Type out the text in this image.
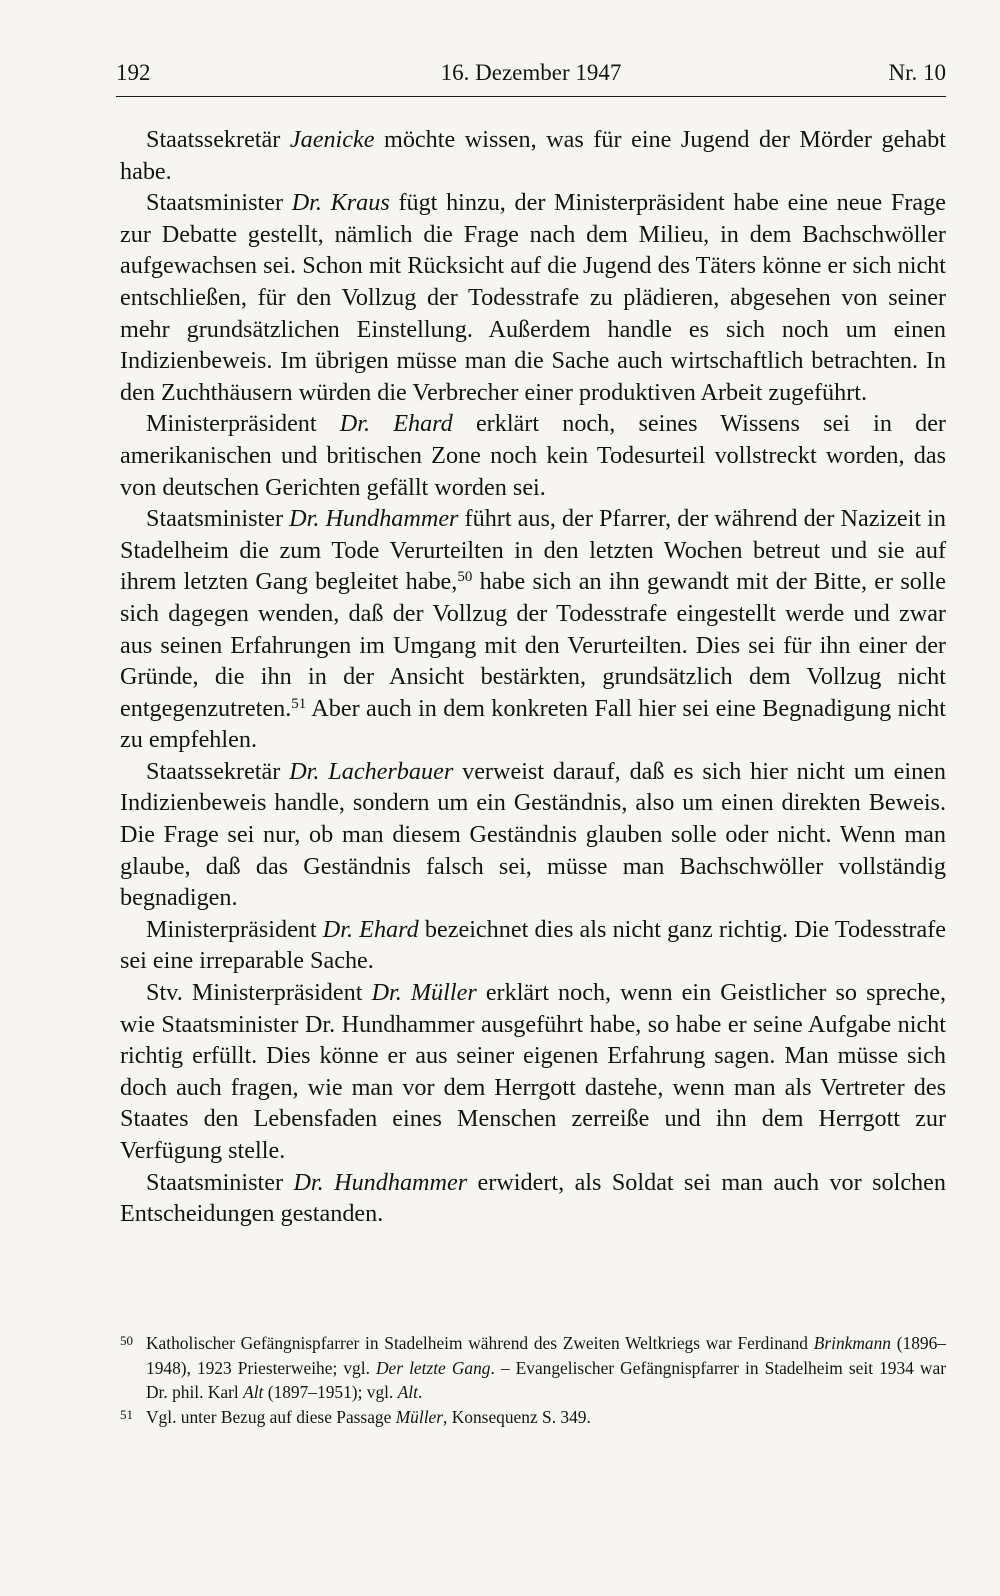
192	16. Dezember 1947	Nr. 10

Staatssekretär Jaenicke möchte wissen, was für eine Jugend der Mörder gehabt habe.

Staatsminister Dr. Kraus fügt hinzu, der Ministerpräsident habe eine neue Frage zur Debatte gestellt, nämlich die Frage nach dem Milieu, in dem Bachschwöller aufgewachsen sei. Schon mit Rücksicht auf die Jugend des Täters könne er sich nicht entschließen, für den Vollzug der Todesstrafe zu plädieren, abgesehen von seiner mehr grundsätzlichen Einstellung. Außerdem handle es sich noch um einen Indizienbeweis. Im übrigen müsse man die Sache auch wirtschaftlich betrachten. In den Zuchthäusern würden die Verbrecher einer produktiven Arbeit zugeführt.

Ministerpräsident Dr. Ehard erklärt noch, seines Wissens sei in der amerikanischen und britischen Zone noch kein Todesurteil vollstreckt worden, das von deutschen Gerichten gefällt worden sei.

Staatsminister Dr. Hundhammer führt aus, der Pfarrer, der während der Nazizeit in Stadelheim die zum Tode Verurteilten in den letzten Wochen betreut und sie auf ihrem letzten Gang begleitet habe,$^{50}$ habe sich an ihn gewandt mit der Bitte, er solle sich dagegen wenden, daß der Vollzug der Todesstrafe eingestellt werde und zwar aus seinen Erfahrungen im Umgang mit den Verurteilten. Dies sei für ihn einer der Gründe, die ihn in der Ansicht bestärkten, grundsätzlich dem Vollzug nicht entgegenzutreten.$^{51}$ Aber auch in dem konkreten Fall hier sei eine Begnadigung nicht zu empfehlen.

Staatssekretär Dr. Lacherbauer verweist darauf, daß es sich hier nicht um einen Indizienbeweis handle, sondern um ein Geständnis, also um einen direkten Beweis. Die Frage sei nur, ob man diesem Geständnis glauben solle oder nicht. Wenn man glaube, daß das Geständnis falsch sei, müsse man Bachschwöller vollständig begnadigen.

Ministerpräsident Dr. Ehard bezeichnet dies als nicht ganz richtig. Die Todesstrafe sei eine irreparable Sache.

Stv. Ministerpräsident Dr. Müller erklärt noch, wenn ein Geistlicher so spreche, wie Staatsminister Dr. Hundhammer ausgeführt habe, so habe er seine Aufgabe nicht richtig erfüllt. Dies könne er aus seiner eigenen Erfahrung sagen. Man müsse sich doch auch fragen, wie man vor dem Herrgott dastehe, wenn man als Vertreter des Staates den Lebensfaden eines Menschen zerreiße und ihn dem Herrgott zur Verfügung stelle.

Staatsminister Dr. Hundhammer erwidert, als Soldat sei man auch vor solchen Entscheidungen gestanden.

50 Katholischer Gefängnispfarrer in Stadelheim während des Zweiten Weltkriegs war Ferdinand Brinkmann (1896–1948), 1923 Priesterweihe; vgl. Der letzte Gang. – Evangelischer Gefängnispfarrer in Stadelheim seit 1934 war Dr. phil. Karl Alt (1897–1951); vgl. Alt.
51 Vgl. unter Bezug auf diese Passage Müller, Konsequenz S. 349.
